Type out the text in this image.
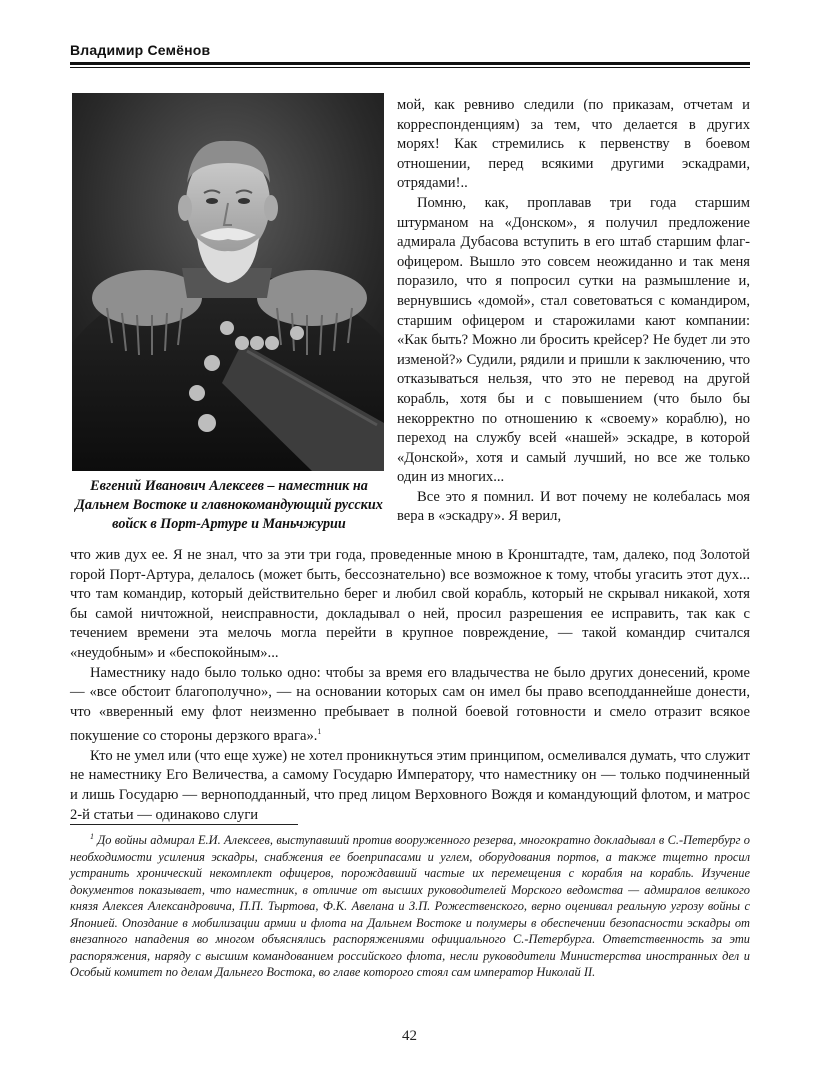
Владимир Семёнов
Евгений Иванович Алексеев – наместник на Дальнем Востоке и главнокомандующий русских войск в Порт-Артуре и Маньчжурии

мой, как ревниво следили (по приказам, отчетам и корреспонденциям) за тем, что делается в других морях! Как стремились к первенству в боевом отношении, перед всякими другими эскадрами, отрядами!..

Помню, как, проплавав три года старшим штурманом на «Донском», я получил предложение адмирала Дубасова вступить в его штаб старшим флаг-офицером. Вышло это совсем неожиданно и так меня поразило, что я попросил сутки на размышление и, вернувшись «домой», стал советоваться с командиром, старшим офицером и старожилами кают компании: «Как быть? Можно ли бросить крейсер? Не будет ли это изменой?» Судили, рядили и пришли к заключению, что отказываться нельзя, что это не перевод на другой корабль, хотя бы и с повышением (что было бы некорректно по отношению к «своему» кораблю), но переход на службу всей «нашей» эскадре, в которой «Донской», хотя и самый лучший, но все же только один из многих...

Все это я помнил. И вот почему не колебалась моя вера в «эскадру». Я верил,

что жив дух ее. Я не знал, что за эти три года, проведенные мною в Кронштадте, там, далеко, под Золотой горой Порт-Артура, делалось (может быть, бессознательно) все возможное к тому, чтобы угасить этот дух... что там командир, который действительно берег и любил свой корабль, который не скрывал никакой, хотя бы самой ничтожной, неисправности, докладывал о ней, просил разрешения ее исправить, так как с течением времени эта мелочь могла перейти в крупное повреждение, — такой командир считался «неудобным» и «беспокойным»...

Наместнику надо было только одно: чтобы за время его владычества не было других донесений, кроме — «все обстоит благополучно», — на основании которых сам он имел бы право всеподданнейше донести, что «вверенный ему флот неизменно пребывает в полной боевой готовности и смело отразит всякое покушение со стороны дерзкого врага».$^1$

Кто не умел или (что еще хуже) не хотел проникнуться этим принципом, осмеливался думать, что служит не наместнику Его Величества, а самому Государю Императору, что наместнику он — только подчиненный и лишь Государю — верноподданный, что пред лицом Верховного Вождя и командующий флотом, и матрос 2-й статьи — одинаково слуги

$^1$ До войны адмирал Е.И. Алексеев, выступавший против вооруженного резерва, многократно докладывал в С.-Петербург о необходимости усиления эскадры, снабжения ее боеприпасами и углем, оборудования портов, а также тщетно просил устранить хронический некомплект офицеров, порождавший частые их перемещения с корабля на корабль. Изучение документов показывает, что наместник, в отличие от высших руководителей Морского ведомства — адмиралов великого князя Алексея Александровича, П.П. Тыртова, Ф.К. Авелана и З.П. Рожественского, верно оценивал реальную угрозу войны с Японией. Опоздание в мобилизации армии и флота на Дальнем Востоке и полумеры в обеспечении безопасности эскадры от внезапного нападения во многом объяснялись распоряжениями официального С.-Петербурга. Ответственность за эти распоряжения, наряду с высшим командованием российского флота, несли руководители Министерства иностранных дел и Особый комитет по делам Дальнего Востока, во главе которого стоял сам император Николай II.
42
